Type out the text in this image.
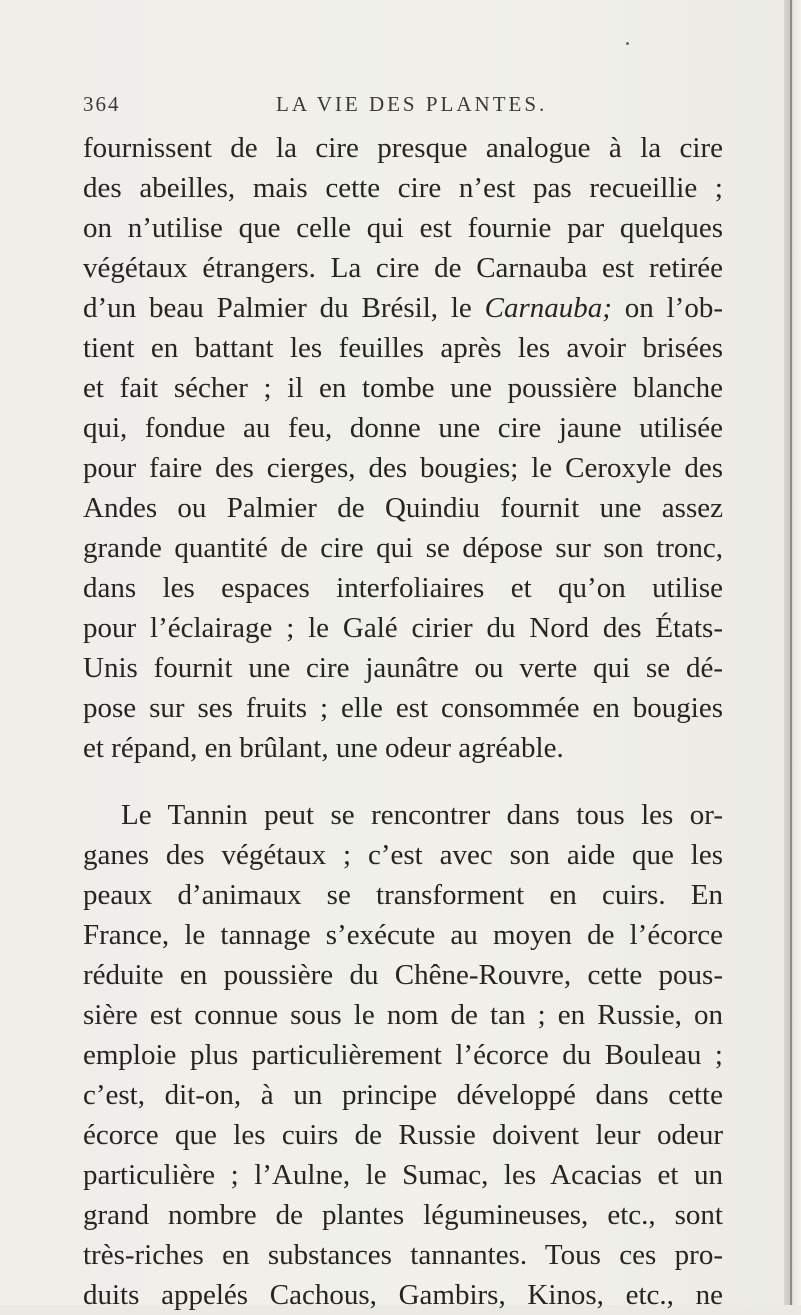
364	LA VIE DES PLANTES.
fournissent de la cire presque analogue à la cire
des abeilles, mais cette cire n’est pas recueillie ;
on n’utilise que celle qui est fournie par quelques
végétaux étrangers. La cire de Carnauba est retirée
d’un beau Palmier du Brésil, le Carnauba; on l’ob-
tient en battant les feuilles après les avoir brisées
et fait sécher ; il en tombe une poussière blanche
qui, fondue au feu, donne une cire jaune utilisée
pour faire des cierges, des bougies; le Ceroxyle des
Andes ou Palmier de Quindiu fournit une assez
grande quantité de cire qui se dépose sur son tronc,
dans les espaces interfoliaires et qu’on utilise
pour l’éclairage ; le Galé cirier du Nord des États-
Unis fournit une cire jaunâtre ou verte qui se dé-
pose sur ses fruits ; elle est consommée en bougies
et répand, en brûlant, une odeur agréable.
Le Tannin peut se rencontrer dans tous les or-
ganes des végétaux ; c’est avec son aide que les
peaux d’animaux se transforment en cuirs. En
France, le tannage s’exécute au moyen de l’écorce
réduite en poussière du Chêne-Rouvre, cette pous-
sière est connue sous le nom de tan ; en Russie, on
emploie plus particulièrement l’écorce du Bouleau ;
c’est, dit-on, à un principe développé dans cette
écorce que les cuirs de Russie doivent leur odeur
particulière ; l’Aulne, le Sumac, les Acacias et un
grand nombre de plantes légumineuses, etc., sont
très-riches en substances tannantes. Tous ces pro-
duits appelés Cachous, Gambirs, Kinos, etc., ne
